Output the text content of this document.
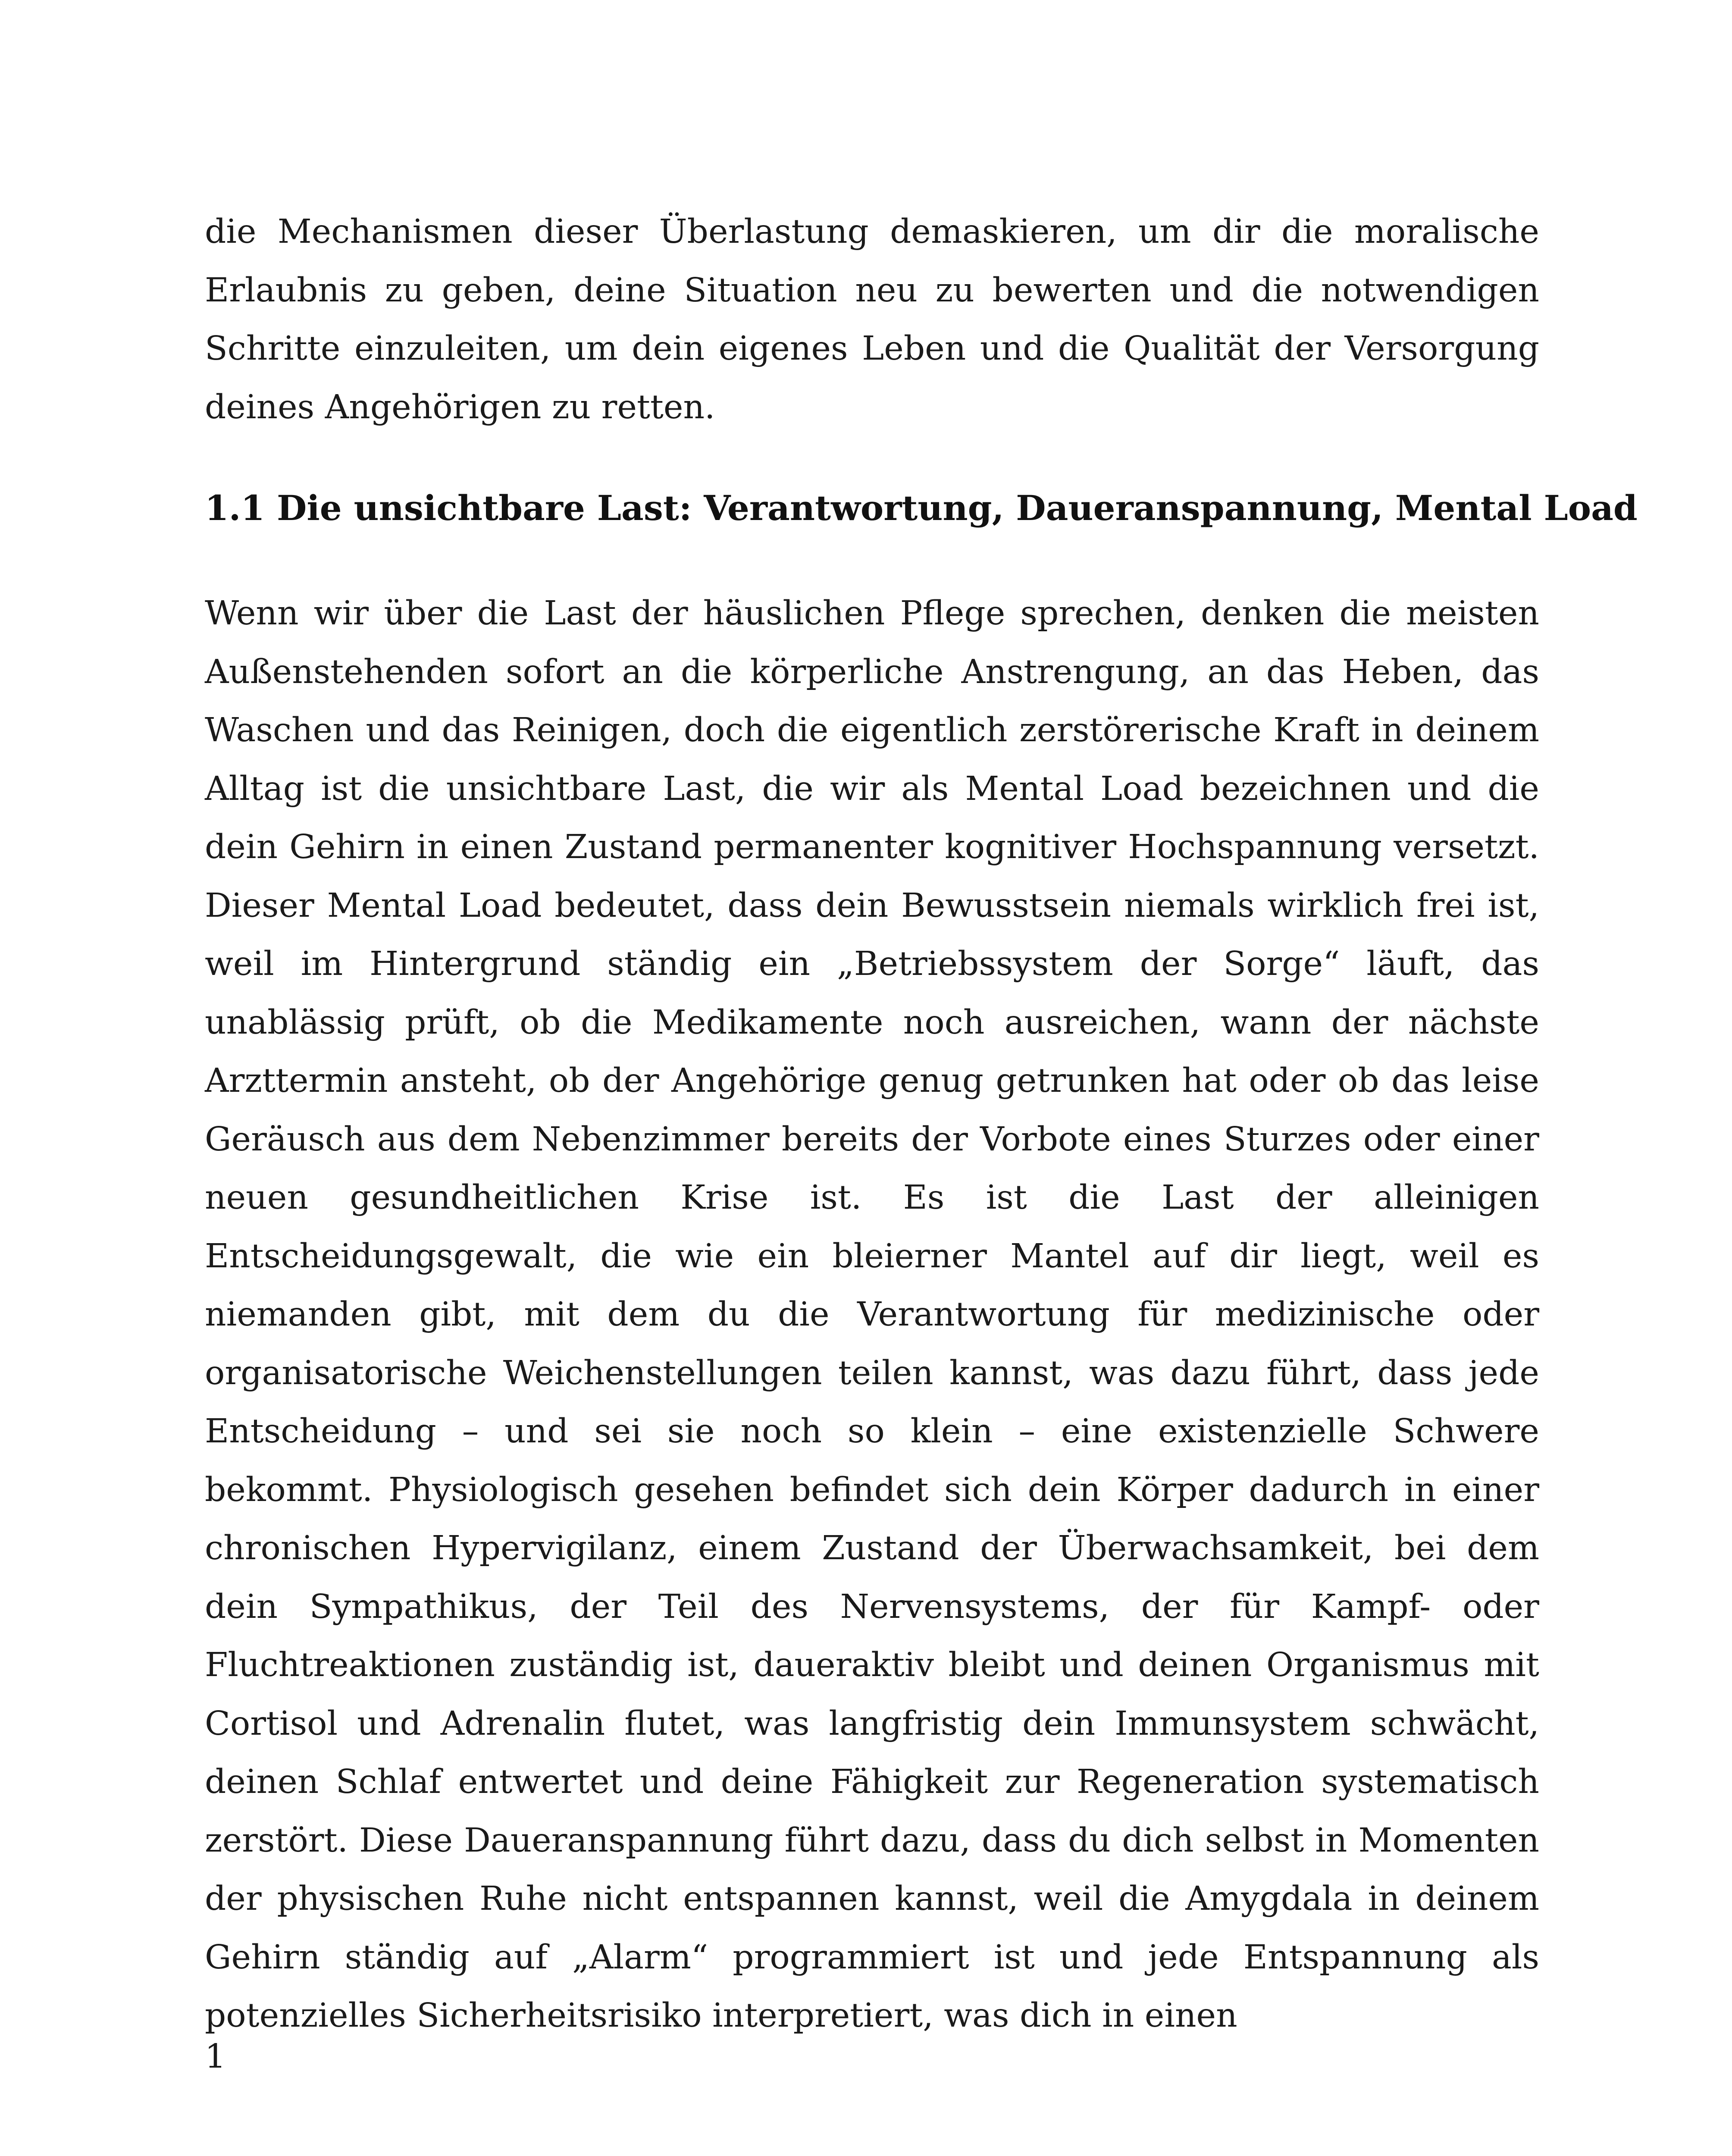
die Mechanismen dieser Überlastung demaskieren, um dir die moralische Erlaubnis zu geben, deine Situation neu zu bewerten und die notwendigen Schritte einzuleiten, um dein eigenes Leben und die Qualität der Versorgung deines Angehörigen zu retten.

1.1 Die unsichtbare Last: Verantwortung, Daueranspannung, Mental Load

Wenn wir über die Last der häuslichen Pflege sprechen, denken die meisten Außenstehenden sofort an die körperliche Anstrengung, an das Heben, das Waschen und das Reinigen, doch die eigentlich zerstörerische Kraft in deinem Alltag ist die unsichtbare Last, die wir als Mental Load bezeichnen und die dein Gehirn in einen Zustand permanenter kognitiver Hochspannung versetzt. Dieser Mental Load bedeutet, dass dein Bewusstsein niemals wirklich frei ist, weil im Hintergrund ständig ein „Betriebssystem der Sorge“ läuft, das unablässig prüft, ob die Medikamente noch ausreichen, wann der nächste Arzttermin ansteht, ob der Angehörige genug getrunken hat oder ob das leise Geräusch aus dem Nebenzimmer bereits der Vorbote eines Sturzes oder einer neuen gesundheitlichen Krise ist. Es ist die Last der alleinigen Entscheidungsgewalt, die wie ein bleierner Mantel auf dir liegt, weil es niemanden gibt, mit dem du die Verantwortung für medizinische oder organisatorische Weichenstellungen teilen kannst, was dazu führt, dass jede Entscheidung – und sei sie noch so klein – eine existenzielle Schwere bekommt. Physiologisch gesehen befindet sich dein Körper dadurch in einer chronischen Hypervigilanz, einem Zustand der Überwachsamkeit, bei dem dein Sympathikus, der Teil des Nervensystems, der für Kampf- oder Fluchtreaktionen zuständig ist, daueraktiv bleibt und deinen Organismus mit Cortisol und Adrenalin flutet, was langfristig dein Immunsystem schwächt, deinen Schlaf entwertet und deine Fähigkeit zur Regeneration systematisch zerstört. Diese Daueranspannung führt dazu, dass du dich selbst in Momenten der physischen Ruhe nicht entspannen kannst, weil die Amygdala in deinem Gehirn ständig auf „Alarm“ programmiert ist und jede Entspannung als potenzielles Sicherheitsrisiko interpretiert, was dich in einen

1
